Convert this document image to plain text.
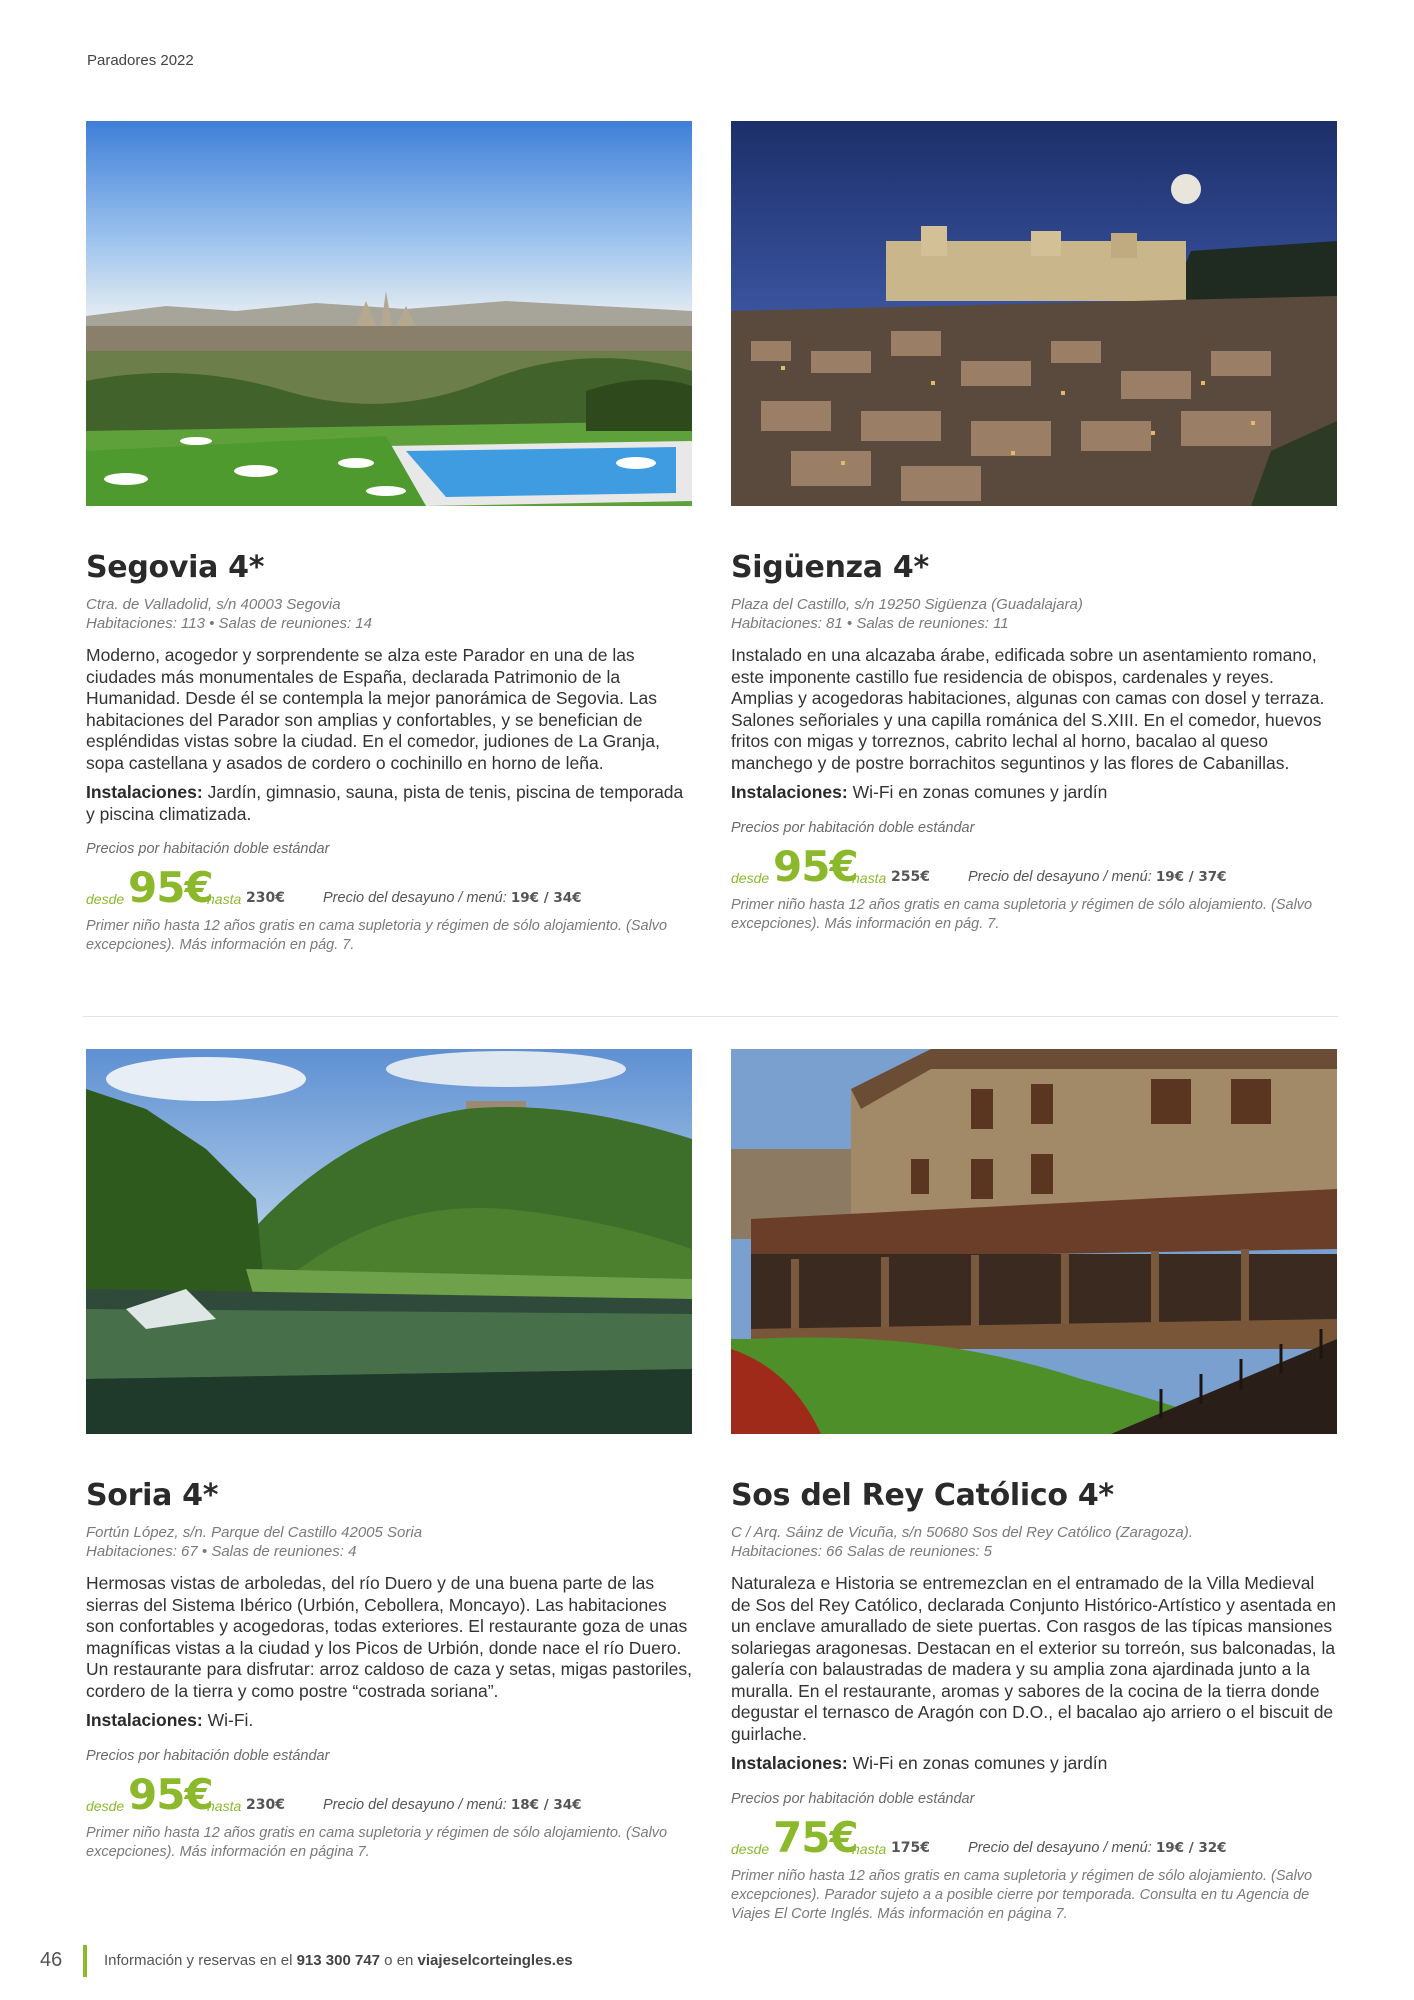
Paradores 2022
Segovia 4*
Ctra. de Valladolid, s/n 40003 Segovia
Habitaciones: 113 • Salas de reuniones: 14
Moderno, acogedor y sorprendente se alza este Parador en una de las ciudades más monumentales de España, declarada Patrimonio de la Humanidad. Desde él se contempla la mejor panorámica de Segovia. Las habitaciones del Parador son amplias y confortables, y se benefician de espléndidas vistas sobre la ciudad. En el comedor, judiones de La Granja, sopa castellana y asados de cordero o cochinillo en horno de leña.
Instalaciones: Jardín, gimnasio, sauna, pista de tenis, piscina de temporada y piscina climatizada.
Precios por habitación doble estándar
desde 95€
hasta 230€	Precio del desayuno / menú: 19€ / 34€
Primer niño hasta 12 años gratis en cama supletoria y régimen de sólo alojamiento. (Salvo excepciones). Más información en pág. 7.
Sigüenza 4*
Plaza del Castillo, s/n 19250 Sigüenza (Guadalajara)
Habitaciones: 81 • Salas de reuniones: 11
Instalado en una alcazaba árabe, edificada sobre un asentamiento romano, este imponente castillo fue residencia de obispos, cardenales y reyes. Amplias y acogedoras habitaciones, algunas con camas con dosel y terraza. Salones señoriales y una capilla románica del S.XIII. En el comedor, huevos fritos con migas y torreznos, cabrito lechal al horno, bacalao al queso manchego y de postre borrachitos seguntinos y las flores de Cabanillas.
Instalaciones: Wi-Fi en zonas comunes y jardín
Precios por habitación doble estándar
desde 95€
hasta 255€	Precio del desayuno / menú: 19€ / 37€
Primer niño hasta 12 años gratis en cama supletoria y régimen de sólo alojamiento. (Salvo excepciones). Más información en pág. 7.
Soria 4*
Fortún López, s/n. Parque del Castillo 42005 Soria
Habitaciones: 67 • Salas de reuniones: 4
Hermosas vistas de arboledas, del río Duero y de una buena parte de las sierras del Sistema Ibérico (Urbión, Cebollera, Moncayo). Las habitaciones son confortables y acogedoras, todas exteriores. El restaurante goza de unas magníficas vistas a la ciudad y los Picos de Urbión, donde nace el río Duero. Un restaurante para disfrutar: arroz caldoso de caza y setas, migas pastoriles, cordero de la tierra y como postre “costrada soriana”.
Instalaciones: Wi-Fi.
Precios por habitación doble estándar
desde 95€
hasta 230€	Precio del desayuno / menú: 18€ / 34€
Primer niño hasta 12 años gratis en cama supletoria y régimen de sólo alojamiento. (Salvo excepciones). Más información en página 7.
Sos del Rey Católico 4*
C / Arq. Sáinz de Vicuña, s/n 50680 Sos del Rey Católico (Zaragoza).
Habitaciones: 66 Salas de reuniones: 5
Naturaleza e Historia se entremezclan en el entramado de la Villa Medieval de Sos del Rey Católico, declarada Conjunto Histórico-Artístico y asentada en un enclave amurallado de siete puertas. Con rasgos de las típicas mansiones solariegas aragonesas. Destacan en el exterior su torreón, sus balconadas, la galería con balaustradas de madera y su amplia zona ajardinada junto a la muralla. En el restaurante, aromas y sabores de la cocina de la tierra donde degustar el ternasco de Aragón con D.O., el bacalao ajo arriero o el biscuit de guirlache.
Instalaciones: Wi-Fi en zonas comunes y jardín
Precios por habitación doble estándar
desde 75€
hasta 175€	Precio del desayuno / menú: 19€ / 32€
Primer niño hasta 12 años gratis en cama supletoria y régimen de sólo alojamiento. (Salvo excepciones). Parador sujeto a a posible cierre por temporada. Consulta en tu Agencia de Viajes El Corte Inglés. Más información en página 7.
46	Información y reservas en el 913 300 747 o en viajeselcorteingles.es
